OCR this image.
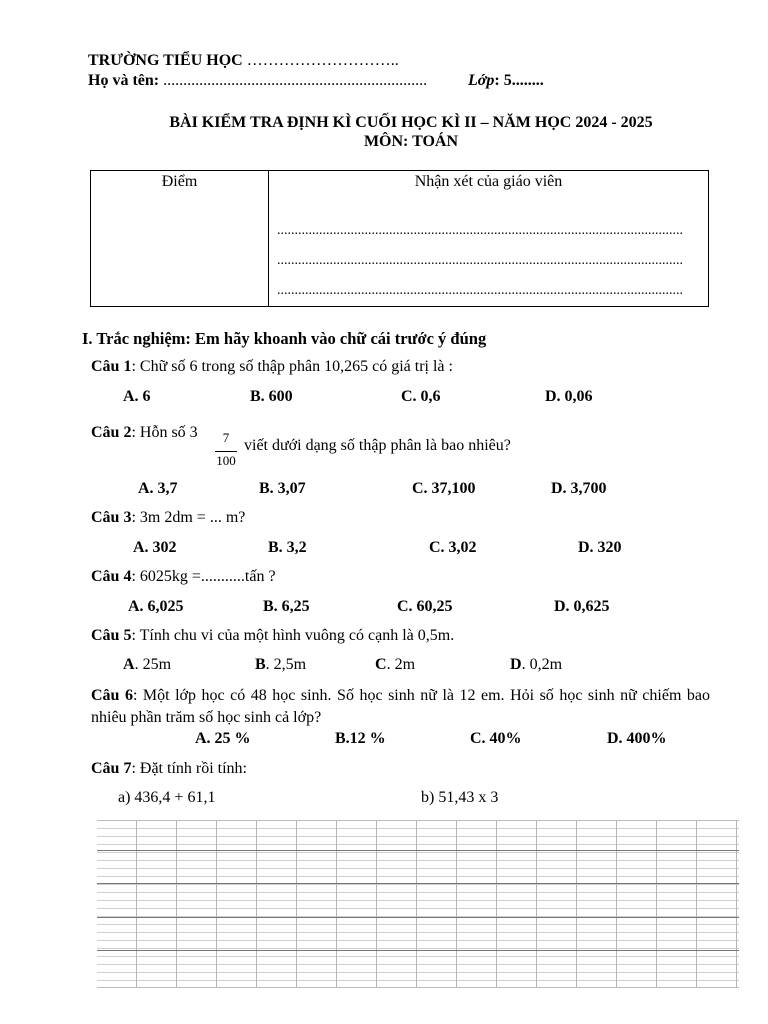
TRƯỜNG TIỂU HỌC ………………………..
Họ và tên: ..................................................................	Lớp: 5........
BÀI KIỂM TRA ĐỊNH KÌ CUỐI HỌC KÌ II – NĂM HỌC 2024 - 2025
MÔN: TOÁN
Điểm	Nhận xét của giáo viên
....................................................................................................................
....................................................................................................................
....................................................................................................................
I. Trắc nghiệm: Em hãy khoanh vào chữ cái trước ý đúng
Câu 1: Chữ số 6 trong số thập phân 10,265 có giá trị là :
A. 6	B. 600	C. 0,6	D. 0,06
Câu 2: Hỗn số 3	7
100
viết dưới dạng số thập phân là bao nhiêu?
A. 3,7	B. 3,07	C. 37,100	D. 3,700
Câu 3: 3m 2dm = ... m?
A. 302	B. 3,2	C. 3,02	D. 320
Câu 4: 6025kg =...........tấn ?
A. 6,025	B. 6,25	C. 60,25	D. 0,625
Câu 5: Tính chu vi của một hình vuông có cạnh là 0,5m.
A. 25m	B. 2,5m	C. 2m	D. 0,2m

Câu 6: Một lớp học có 48 học sinh. Số học sinh nữ là 12 em. Hỏi số học sinh nữ chiếm bao nhiêu phần trăm số học sinh cả lớp?

A. 25 %	B.12 %	C. 40%	D. 400%
Câu 7: Đặt tính rồi tính:
a) 436,4 + 61,1	b) 51,43 x 3
